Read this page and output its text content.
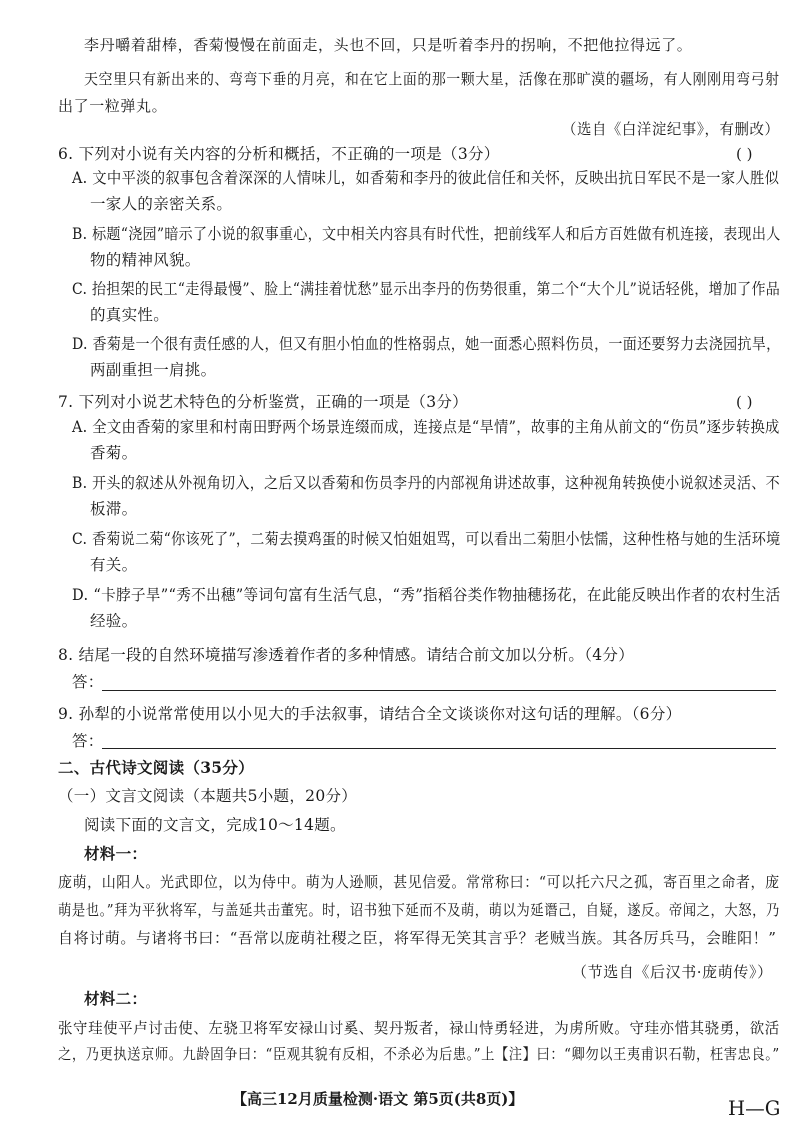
李丹嚼着甜棒，香菊慢慢在前面走，头也不回，只是听着李丹的拐响，不把他拉得远了。
天空里只有新出来的、弯弯下垂的月亮，和在它上面的那一颗大星，活像在那旷漠的疆场，有人刚刚用弯弓射
出了一粒弹丸。
（选自《白洋淀纪事》，有删改）
6. 下列对小说有关内容的分析和概括，不正确的一项是（3分）	( )
A. 文中平淡的叙事包含着深深的人情味儿，如香菊和李丹的彼此信任和关怀，反映出抗日军民不是一家人胜似
一家人的亲密关系。
B. 标题“浇园”暗示了小说的叙事重心，文中相关内容具有时代性，把前线军人和后方百姓做有机连接，表现出人
物的精神风貌。
C. 抬担架的民工“走得最慢”、脸上“满挂着忧愁”显示出李丹的伤势很重，第二个“大个儿”说话轻佻，增加了作品
的真实性。
D. 香菊是一个很有责任感的人，但又有胆小怕血的性格弱点，她一面悉心照料伤员，一面还要努力去浇园抗旱，
两副重担一肩挑。
7. 下列对小说艺术特色的分析鉴赏，正确的一项是（3分）	( )
A. 全文由香菊的家里和村南田野两个场景连缀而成，连接点是“旱情”，故事的主角从前文的“伤员”逐步转换成
香菊。
B. 开头的叙述从外视角切入，之后又以香菊和伤员李丹的内部视角讲述故事，这种视角转换使小说叙述灵活、不
板滞。
C. 香菊说二菊“你该死了”，二菊去摸鸡蛋的时候又怕姐姐骂，可以看出二菊胆小怯懦，这种性格与她的生活环境
有关。
D. “卡脖子旱”“秀不出穗”等词句富有生活气息，“秀”指稻谷类作物抽穗扬花，在此能反映出作者的农村生活
经验。
8. 结尾一段的自然环境描写渗透着作者的多种情感。请结合前文加以分析。（4分）
答：
9. 孙犁的小说常常使用以小见大的手法叙事，请结合全文谈谈你对这句话的理解。（6分）
答：
二、古代诗文阅读（35分）
（一）文言文阅读（本题共5小题，20分）
阅读下面的文言文，完成10～14题。
材料一：
庞萌，山阳人。光武即位，以为侍中。萌为人逊顺，甚见信爱。常常称曰：“可以托六尺之孤，寄百里之命者，庞
萌是也。”拜为平狄将军，与盖延共击董宪。时，诏书独下延而不及萌，萌以为延谮己，自疑，遂反。帝闻之，大怒，乃
自将讨萌。与诸将书曰：“吾常以庞萌社稷之臣，将军得无笑其言乎？老贼当族。其各厉兵马，会睢阳！”
（节选自《后汉书·庞萌传》）
材料二：
张守珪使平卢讨击使、左骁卫将军安禄山讨奚、契丹叛者，禄山恃勇轻进，为虏所败。守珪亦惜其骁勇，欲活
之，乃更执送京师。九龄固争曰：“臣观其貌有反相，不杀必为后患。”上【注】曰：“卿勿以王夷甫识石勒，枉害忠良。”
【高三12月质量检测·语文 第5页(共8页)】	H—G
